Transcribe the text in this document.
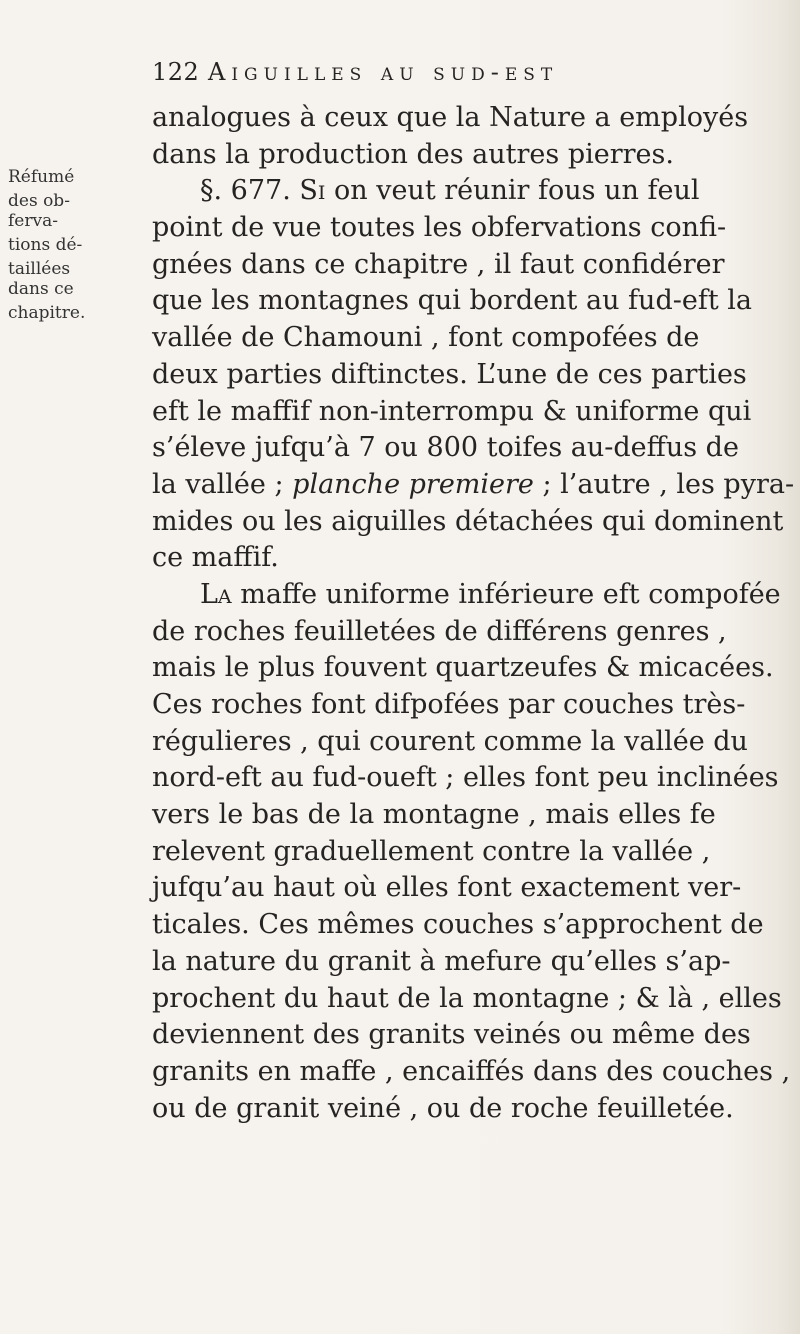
122 Aiguilles au sud-est
Réfumé
des ob-
ferva-
tions dé-
taillées
dans ce
chapitre.
analogues à ceux que la Nature a employés
dans la production des autres pierres.
§. 677. Si on veut réunir fous un feul
point de vue toutes les obfervations confi-
gnées dans ce chapitre , il faut confidérer
que les montagnes qui bordent au fud-eft la
vallée de Chamouni , font compofées de
deux parties diftinctes. L’une de ces parties
eft le maffif non-interrompu & uniforme qui
s’éleve jufqu’à 7 ou 800 toifes au-deffus de
la vallée ; planche premiere ; l’autre , les pyra-
mides ou les aiguilles détachées qui dominent
ce maffif.
La maffe uniforme inférieure eft compofée
de roches feuilletées de différens genres ,
mais le plus fouvent quartzeufes & micacées.
Ces roches font difpofées par couches très-
régulieres , qui courent comme la vallée du
nord-eft au fud-oueft ; elles font peu inclinées
vers le bas de la montagne , mais elles fe
relevent graduellement contre la vallée ,
jufqu’au haut où elles font exactement ver-
ticales. Ces mêmes couches s’approchent de
la nature du granit à mefure qu’elles s’ap-
prochent du haut de la montagne ; & là , elles
deviennent des granits veinés ou même des
granits en maffe , encaiffés dans des couches ,
ou de granit veiné , ou de roche feuilletée.
